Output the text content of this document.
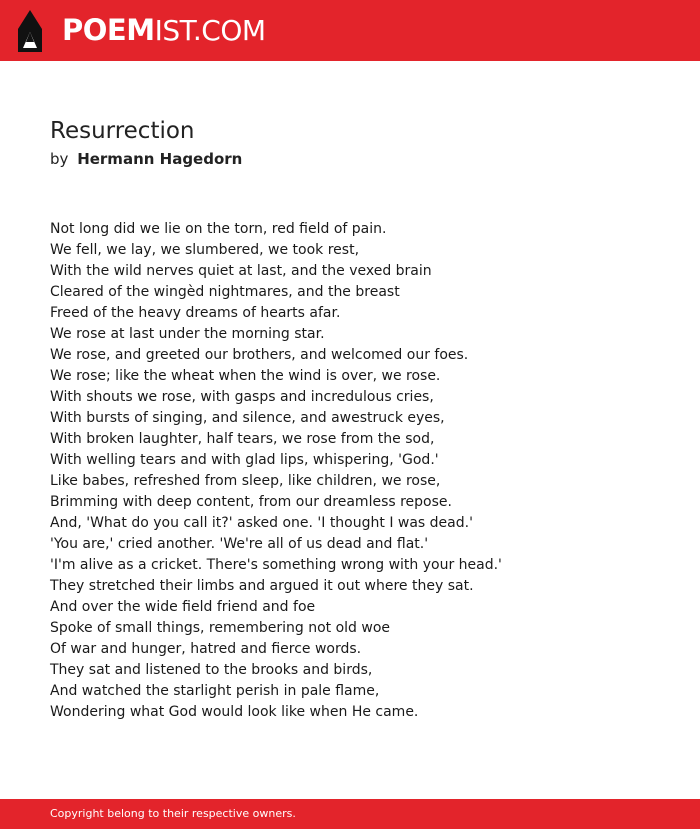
POEMIST.COM
Resurrection
by Hermann Hagedorn
Not long did we lie on the torn, red field of pain.
We fell, we lay, we slumbered, we took rest,
With the wild nerves quiet at last, and the vexed brain
Cleared of the wingèd nightmares, and the breast
Freed of the heavy dreams of hearts afar.
We rose at last under the morning star.
We rose, and greeted our brothers, and welcomed our foes.
We rose; like the wheat when the wind is over, we rose.
With shouts we rose, with gasps and incredulous cries,
With bursts of singing, and silence, and awestruck eyes,
With broken laughter, half tears, we rose from the sod,
With welling tears and with glad lips, whispering, 'God.'
Like babes, refreshed from sleep, like children, we rose,
Brimming with deep content, from our dreamless repose.
And, 'What do you call it?' asked one. 'I thought I was dead.'
'You are,' cried another. 'We're all of us dead and flat.'
'I'm alive as a cricket. There's something wrong with your head.'
They stretched their limbs and argued it out where they sat.
And over the wide field friend and foe
Spoke of small things, remembering not old woe
Of war and hunger, hatred and fierce words.
They sat and listened to the brooks and birds,
And watched the starlight perish in pale flame,
Wondering what God would look like when He came.
Copyright belong to their respective owners.
